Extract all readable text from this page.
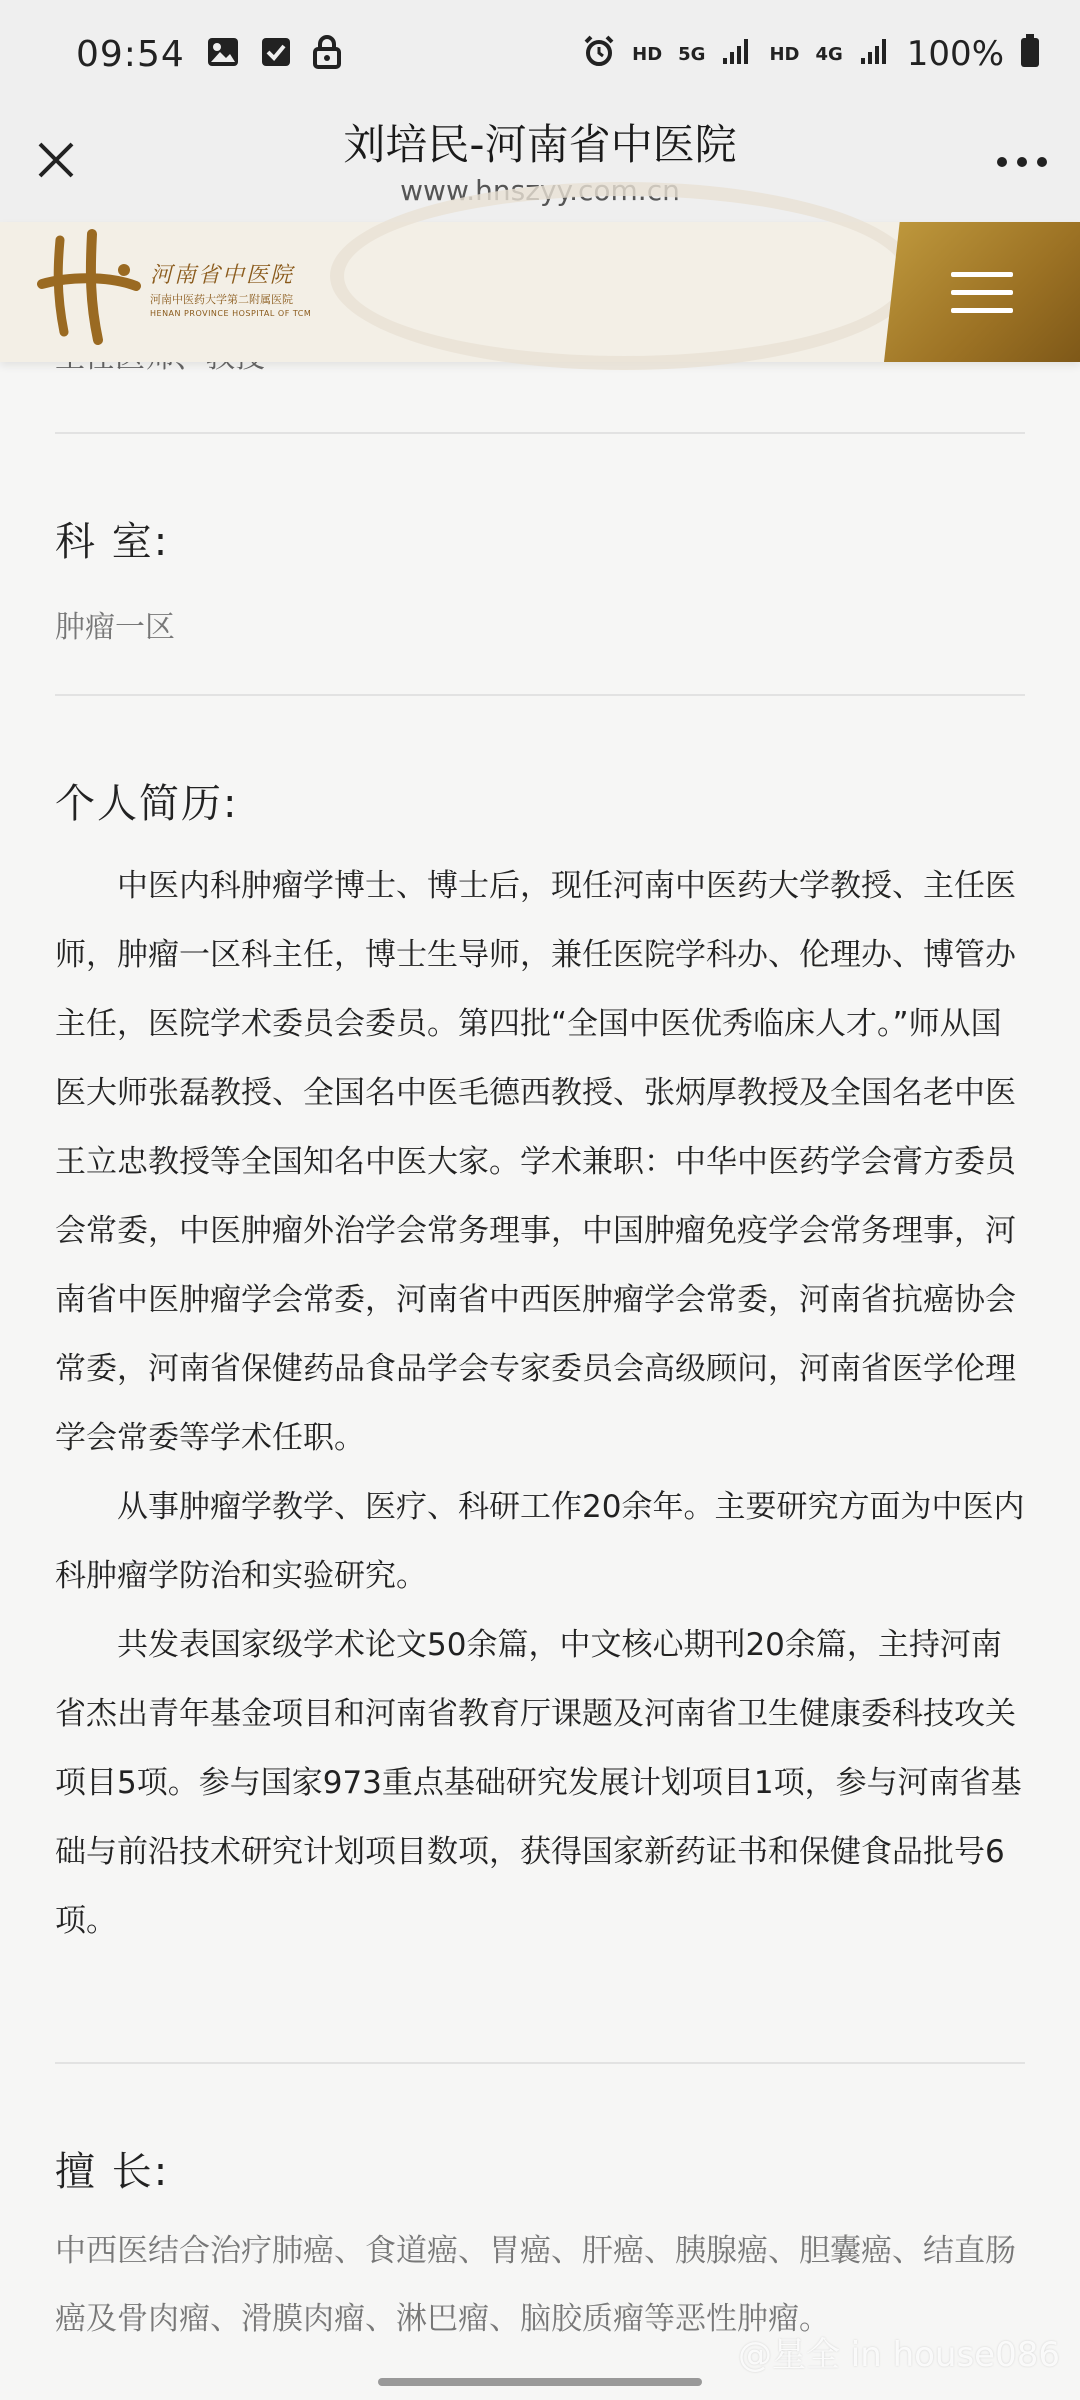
09:54	HD 5G	HD 4G 100%
刘培民-河南省中医院
www.hnszyy.com.cn
河南省中医院
河南中医药大学第二附属医院
HENAN PROVINCE HOSPITAL OF TCM
科 室:
肿瘤一区
个人简历:

中医内科肿瘤学博士、博士后，现任河南中医药大学教授、主任医师，肿瘤一区科主任，博士生导师，兼任医院学科办、伦理办、博管办主任，医院学术委员会委员。第四批“全国中医优秀临床人才。”师从国医大师张磊教授、全国名中医毛德西教授、张炳厚教授及全国名老中医王立忠教授等全国知名中医大家。学术兼职：中华中医药学会膏方委员会常委，中医肿瘤外治学会常务理事，中国肿瘤免疫学会常务理事，河南省中医肿瘤学会常委，河南省中西医肿瘤学会常委，河南省抗癌协会常委，河南省保健药品食品学会专家委员会高级顾问，河南省医学伦理学会常委等学术任职。

从事肿瘤学教学、医疗、科研工作20余年。主要研究方面为中医内科肿瘤学防治和实验研究。

共发表国家级学术论文50余篇，中文核心期刊20余篇，主持河南省杰出青年基金项目和河南省教育厅课题及河南省卫生健康委科技攻关项目5项。参与国家973重点基础研究发展计划项目1项，参与河南省基础与前沿技术研究计划项目数项，获得国家新药证书和保健食品批号6项。

擅 长:

中西医结合治疗肺癌、食道癌、胃癌、肝癌、胰腺癌、胆囊癌、结直肠癌及骨肉瘤、滑膜肉瘤、淋巴瘤、脑胶质瘤等恶性肿瘤。

@星全 in house086
